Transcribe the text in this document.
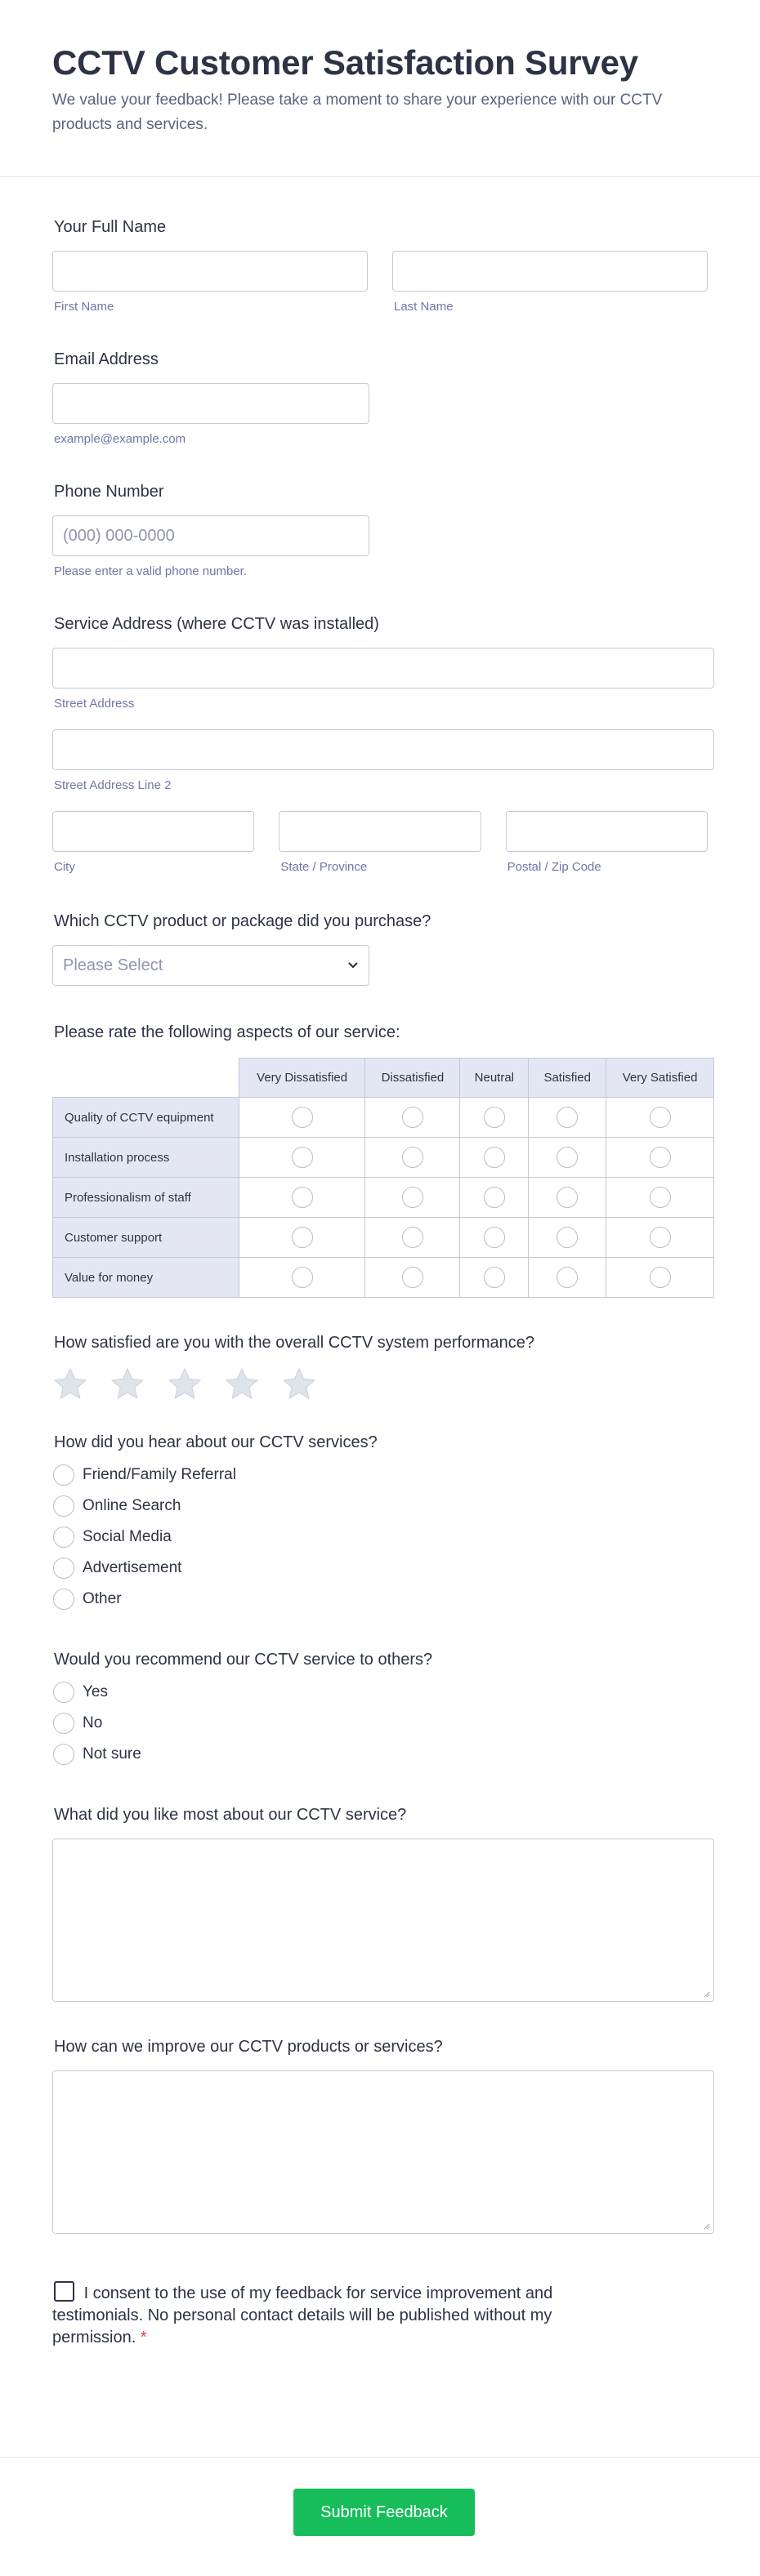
CCTV Customer Satisfaction Survey

We value your feedback! Please take a moment to share your experience with our CCTV products and services.

Your Full Name
First Name	Last Name
Email Address
example@example.com
Phone Number
(000) 000-0000
Please enter a valid phone number.
Service Address (where CCTV was installed)
Street Address
Street Address Line 2
City	State / Province	Postal / Zip Code
Which CCTV product or package did you purchase?
Please Select
Please rate the following aspects of our service:
	Very Dissatisfied	Dissatisfied	Neutral	Satisfied	Very Satisfied
Quality of CCTV equipment					
Installation process					
Professionalism of staff					
Customer support					
Value for money					
How satisfied are you with the overall CCTV system performance?
How did you hear about our CCTV services?
Friend/Family Referral
Online Search
Social Media
Advertisement
Other
Would you recommend our CCTV service to others?
Yes
No
Not sure
What did you like most about our CCTV service?
How can we improve our CCTV products or services?
I consent to the use of my feedback for service improvement and testimonials. No personal contact details will be published without my permission. *
Submit Feedback
